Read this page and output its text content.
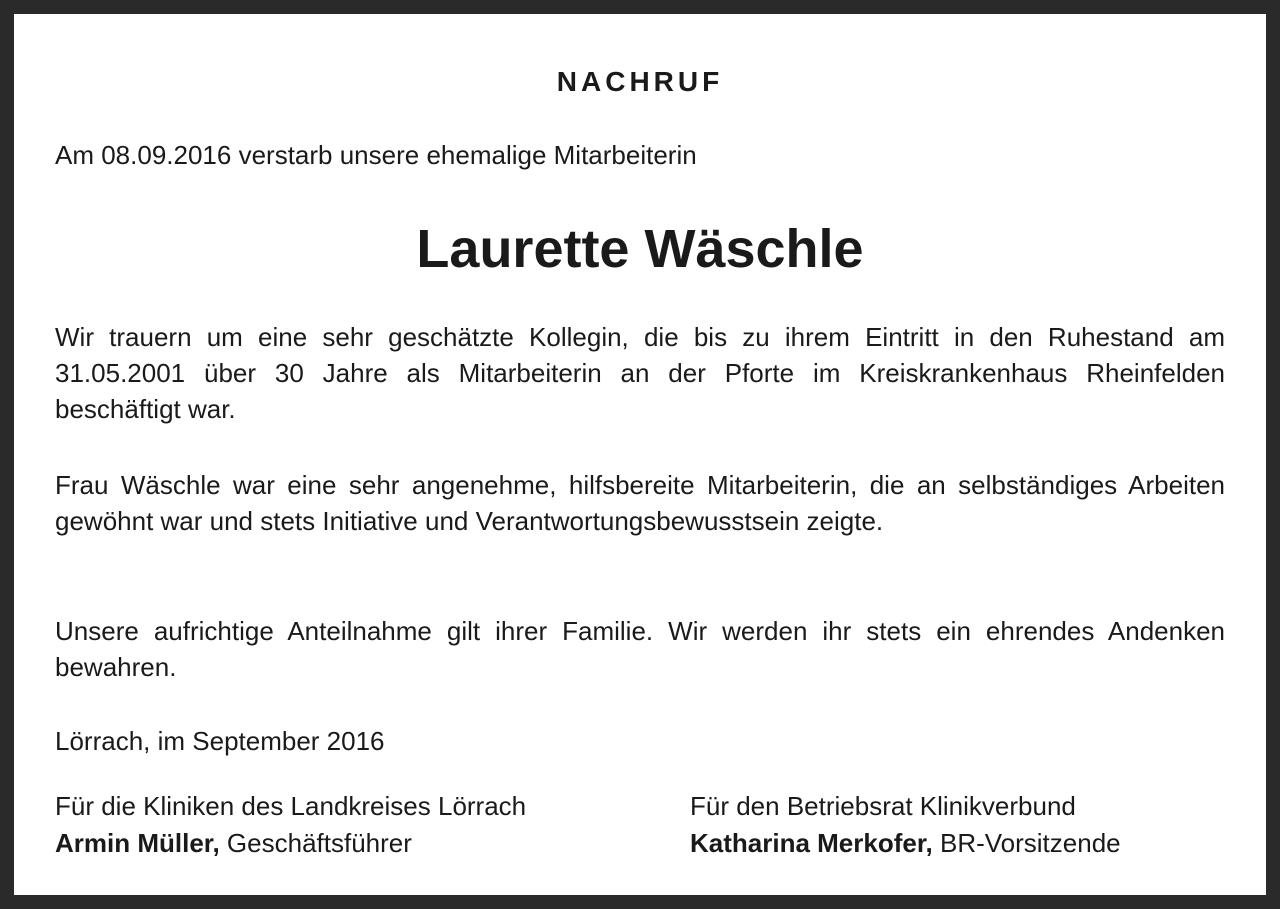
NACHRUF
Am 08.09.2016 verstarb unsere ehemalige Mitarbeiterin
Laurette Wäschle

Wir trauern um eine sehr geschätzte Kollegin, die bis zu ihrem Eintritt in den Ruhestand am 31.05.2001 über 30 Jahre als Mitarbeiterin an der Pforte im Kreiskrankenhaus Rheinfelden beschäftigt war.

Frau Wäschle war eine sehr angenehme, hilfsbereite Mitarbeiterin, die an selbständiges Arbeiten gewöhnt war und stets Initiative und Verantwortungsbewusstsein zeigte.

Unsere aufrichtige Anteilnahme gilt ihrer Familie. Wir werden ihr stets ein ehrendes Andenken bewahren.

Lörrach, im September 2016
Für die Kliniken des Landkreises Lörrach
Armin Müller, Geschäftsführer
Für den Betriebsrat Klinikverbund
Katharina Merkofer, BR-Vorsitzende
